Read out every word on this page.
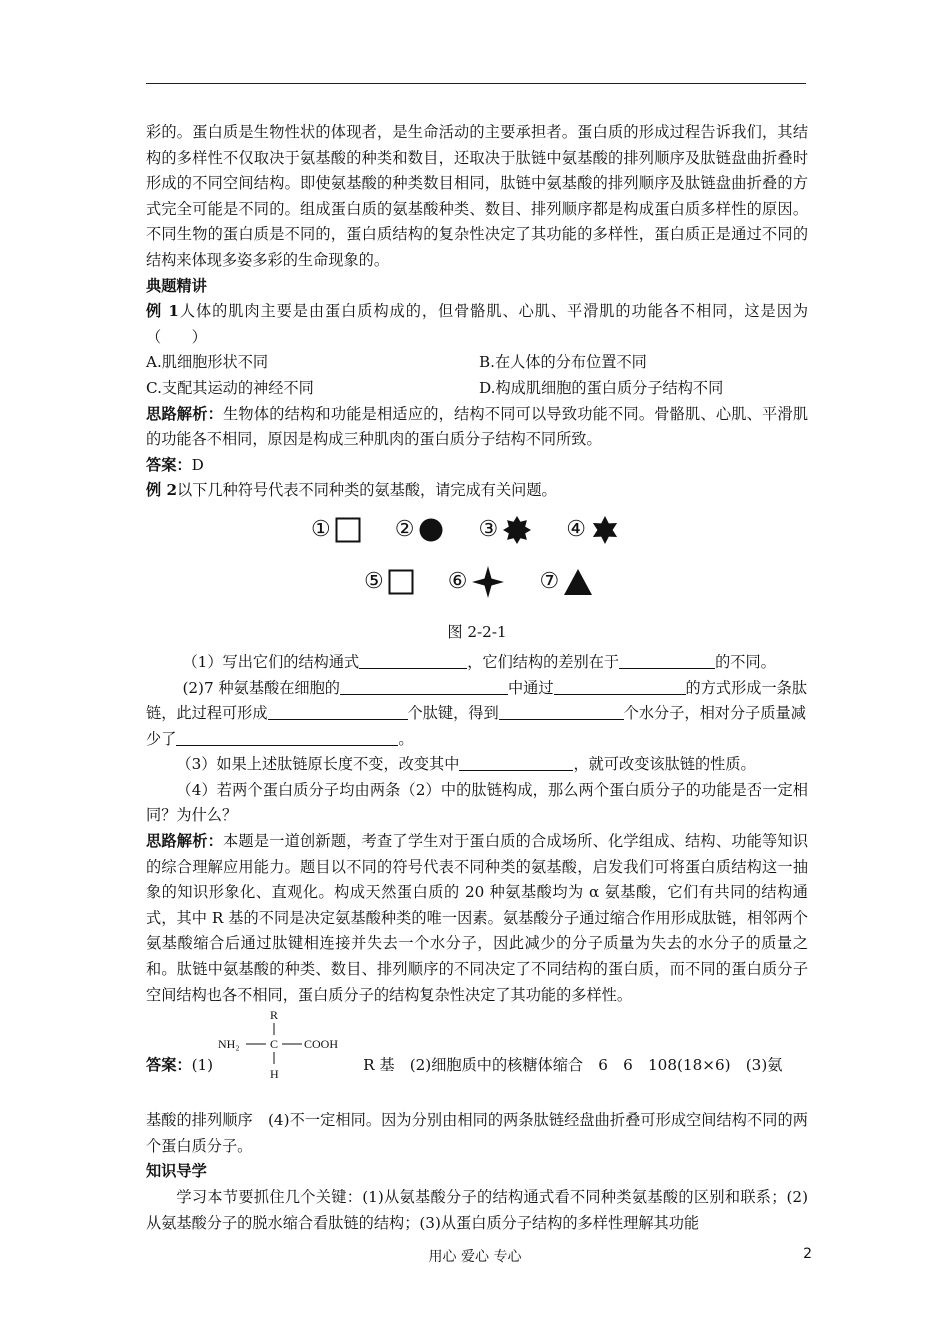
彩的。蛋白质是生物性状的体现者，是生命活动的主要承担者。蛋白质的形成过程告诉我们，其结构的多样性不仅取决于氨基酸的种类和数目，还取决于肽链中氨基酸的排列顺序及肽链盘曲折叠时形成的不同空间结构。即使氨基酸的种类数目相同，肽链中氨基酸的排列顺序及肽链盘曲折叠的方式完全可能是不同的。组成蛋白质的氨基酸种类、数目、排列顺序都是构成蛋白质多样性的原因。不同生物的蛋白质是不同的，蛋白质结构的复杂性决定了其功能的多样性，蛋白质正是通过不同的结构来体现多姿多彩的生命现象的。

典题精讲

例 1人体的肌肉主要是由蛋白质构成的，但骨骼肌、心肌、平滑肌的功能各不相同，这是因为（　　）

A.肌细胞形状不同	B.在人体的分布位置不同
C.支配其运动的神经不同	D.构成肌细胞的蛋白质分子结构不同

思路解析：生物体的结构和功能是相适应的，结构不同可以导致功能不同。骨骼肌、心肌、平滑肌的功能各不相同，原因是构成三种肌肉的蛋白质分子结构不同所致。

答案：D

例 2以下几种符号代表不同种类的氨基酸，请完成有关问题。

①	②	③	④
⑤	⑥	⑦
图 2-2-1

（1）写出它们的结构通式	，它们结构的差别在于	的不同。

(2)7 种氨基酸在细胞的	中通过	的方式形成一条肽链，此过程可形成	个肽键，得到	个水分子，相对分子质量减少了	。

（3）如果上述肽链原长度不变，改变其中	，就可改变该肽链的性质。

（4）若两个蛋白质分子均由两条（2）中的肽链构成，那么两个蛋白质分子的功能是否一定相同？为什么？

思路解析：本题是一道创新题，考查了学生对于蛋白质的合成场所、化学组成、结构、功能等知识的综合理解应用能力。题目以不同的符号代表不同种类的氨基酸，启发我们可将蛋白质结构这一抽象的知识形象化、直观化。构成天然蛋白质的 20 种氨基酸均为 α 氨基酸，它们有共同的结构通式，其中 R 基的不同是决定氨基酸种类的唯一因素。氨基酸分子通过缩合作用形成肽链，相邻两个氨基酸缩合后通过肽键相连接并失去一个水分子，因此减少的分子质量为失去的水分子的质量之和。肽链中氨基酸的种类、数目、排列顺序的不同决定了不同结构的蛋白质，而不同的蛋白质分子空间结构也各不相同，蛋白质分子的结构复杂性决定了其功能的多样性。

R
NH₂	C COOH
H
答案：(1)	R 基　(2)细胞质中的核糖体缩合　6　6　108(18×6)　(3)氨

基酸的排列顺序　(4)不一定相同。因为分别由相同的两条肽链经盘曲折叠可形成空间结构不同的两个蛋白质分子。

知识导学

学习本节要抓住几个关键：(1)从氨基酸分子的结构通式看不同种类氨基酸的区别和联系；(2)从氨基酸分子的脱水缩合看肽链的结构；(3)从蛋白质分子结构的多样性理解其功能

用心 爱心 专心	2
